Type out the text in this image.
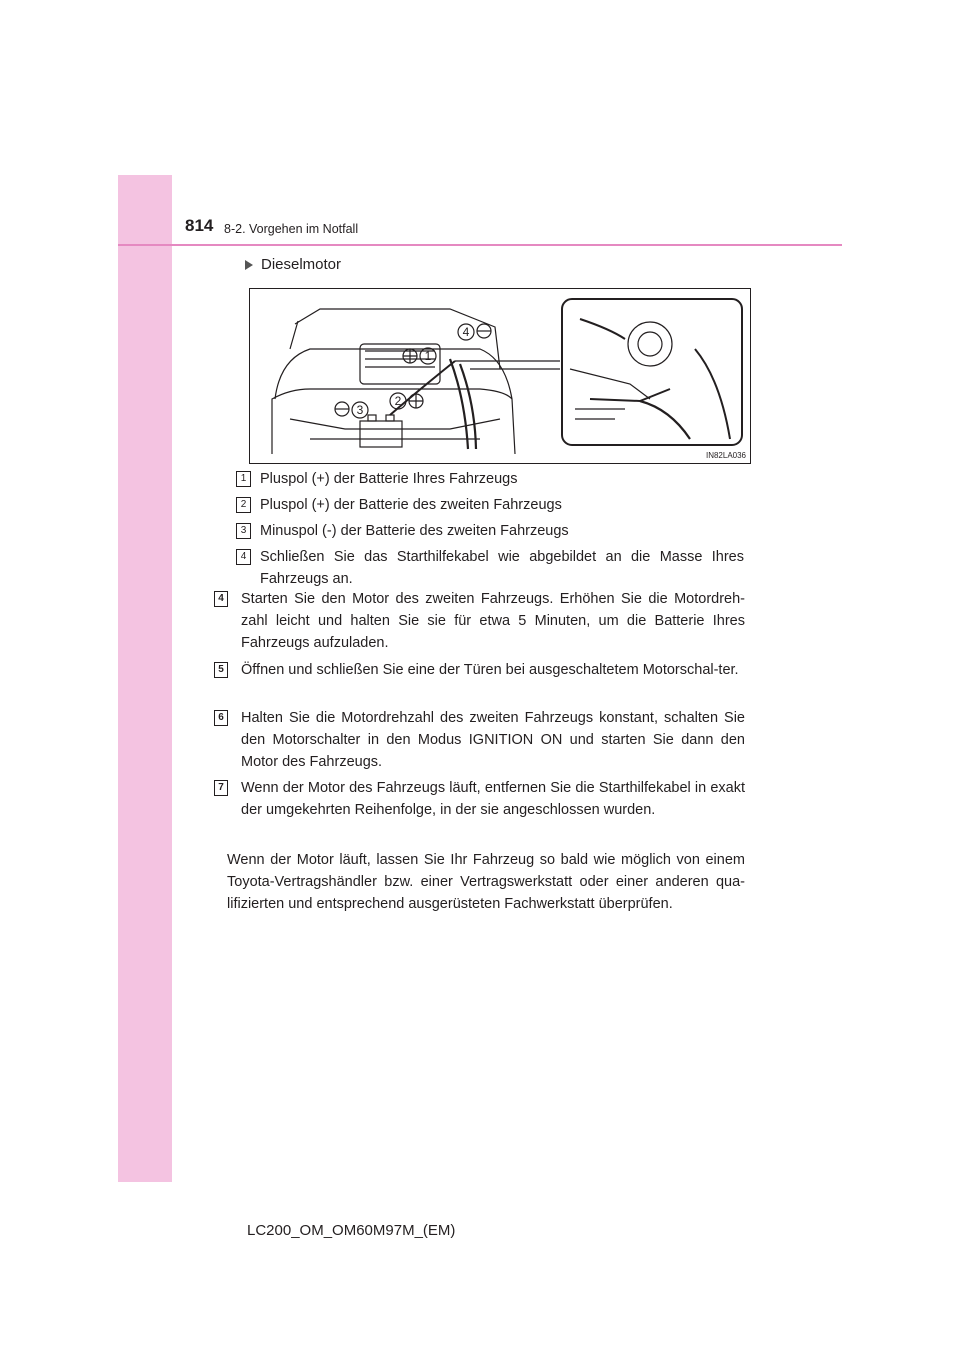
814 8-2. Vorgehen im Notfall
Dieselmotor
1
2
3
4
IN82LA036
1 Pluspol (+) der Batterie Ihres Fahrzeugs
2 Pluspol (+) der Batterie des zweiten Fahrzeugs
3 Minuspol (-) der Batterie des zweiten Fahrzeugs
4 Schließen Sie das Starthilfekabel wie abgebildet an die Masse Ihres Fahrzeugs an.
4 Starten Sie den Motor des zweiten Fahrzeugs. Erhöhen Sie die Motordreh-zahl leicht und halten Sie sie für etwa 5 Minuten, um die Batterie Ihres Fahrzeugs aufzuladen.
5 Öffnen und schließen Sie eine der Türen bei ausgeschaltetem Motorschal-ter.
6 Halten Sie die Motordrehzahl des zweiten Fahrzeugs konstant, schalten Sie den Motorschalter in den Modus IGNITION ON und starten Sie dann den Motor des Fahrzeugs.
7 Wenn der Motor des Fahrzeugs läuft, entfernen Sie die Starthilfekabel in exakt der umgekehrten Reihenfolge, in der sie angeschlossen wurden.
Wenn der Motor läuft, lassen Sie Ihr Fahrzeug so bald wie möglich von einem Toyota-Vertragshändler bzw. einer Vertragswerkstatt oder einer anderen qua-lifizierten und entsprechend ausgerüsteten Fachwerkstatt überprüfen.
LC200_OM_OM60M97M_(EM)
